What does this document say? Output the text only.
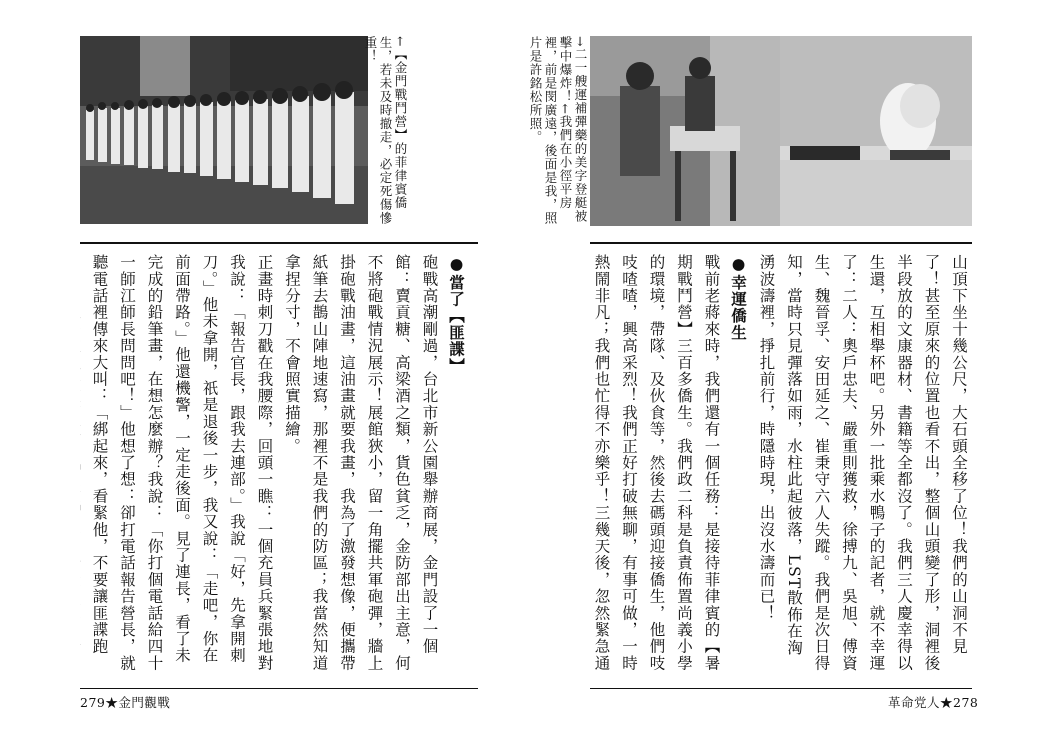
←【金門戰鬥營】的菲律賓僑生，若未及時撤走，必定死傷慘重！	→二一艘運補彈藥的美字登艇被擊中爆炸！←我們在小徑平房裡，前是閔廣遠，後面是我，照片是許銘松所照。

山頂下坐十幾公尺，大石頭全移了位！我們的山洞不見了！甚至原來的位置也看不出，整個山頭變了形，洞裡後半段放的文康器材、書籍等全都沒了。我們三人慶幸得以生還，互相舉杯吧。另外一批乘水鴨子的記者，就不幸運了：二人：奧戶忠夫、嚴重則獲救，徐搏九、吳旭、傅資生、魏晉孚、安田延之、崔秉守六人失蹤。我們是次日得知，當時只見彈落如雨，水柱此起彼落，LST散佈在洶湧波濤裡，掙扎前行，時隱時現，出沒水濤而已！

●幸運僑生

戰前老蔣來時，我們還有一個任務：是接待菲律賓的【暑期戰鬥營】三百多僑生。我們政二科是負責佈置尚義小學的環境，帶隊、及伙食等，然後去碼頭迎接僑生，他們吱吱喳喳，興高采烈！我們正好打破無聊，有事可做，一時熱鬧非凡；我們也忙得不亦樂乎！三幾天後，忽然緊急通

●當了【匪諜】

砲戰高潮剛過，台北市新公園舉辦商展，金門設了一個館：賣貢糖、高梁酒之類，貨色貧乏，金防部出主意，何不將砲戰情況展示！展館狹小，留一角擺共軍砲彈，牆上掛砲戰油畫，這油畫就要我畫，我為了激發想像，便攜帶紙筆去鵲山陣地速寫，那裡不是我們的防區；我當然知道拿捏分寸，不會照實描繪。

正畫時刺刀戳在我腰際，回頭一瞧：一個充員兵緊張地對我說：「報告官長，跟我去連部。」我說「好，先拿開刺刀。」他未拿開，祇是退後一步，我又說：「走吧，你在前面帶路。」他還機警，一定走後面。見了連長，看了未完成的鉛筆畫，在想怎麼辦？我說：「你打個電話給四十一師江師長問問吧！」他想了想：卻打電話報告營長，就聽電話裡傳來大叫：「綁起來，看緊他，不要讓匪諜跑

279★金門觀戰	革命党人★278
